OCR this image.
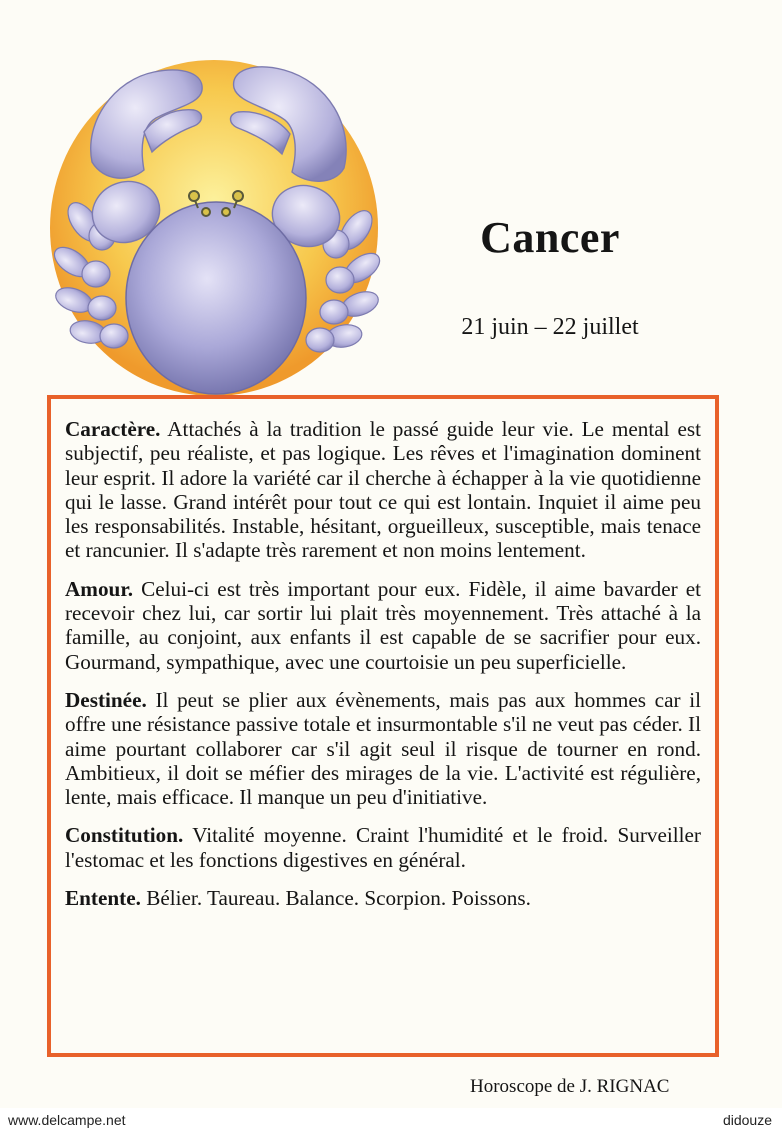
Cancer
21 juin – 22 juillet

Caractère. Attachés à la tradition le passé guide leur vie. Le mental est subjectif, peu réaliste, et pas logique. Les rêves et l'imagination dominent leur esprit. Il adore la variété car il cherche à échapper à la vie quotidienne qui le lasse. Grand intérêt pour tout ce qui est lontain. Inquiet il aime peu les responsabilités. Instable, hésitant, orgueilleux, susceptible, mais tenace et rancunier. Il s'adapte très rarement et non moins lentement.

Amour. Celui-ci est très important pour eux. Fidèle, il aime bavarder et recevoir chez lui, car sortir lui plait très moyennement. Très attaché à la famille, au conjoint, aux enfants il est capable de se sacrifier pour eux. Gourmand, sympathique, avec une courtoisie un peu superficielle.

Destinée. Il peut se plier aux évènements, mais pas aux hommes car il offre une résistance passive totale et insurmontable s'il ne veut pas céder. Il aime pourtant collaborer car s'il agit seul il risque de tourner en rond. Ambitieux, il doit se méfier des mirages de la vie. L'activité est régulière, lente, mais efficace. Il manque un peu d'initiative.

Constitution. Vitalité moyenne. Craint l'humidité et le froid. Surveiller l'estomac et les fonctions digestives en général.

Entente. Bélier. Taureau. Balance. Scorpion. Poissons.

Horoscope de J. RIGNAC
www.delcampe.net	didouze
